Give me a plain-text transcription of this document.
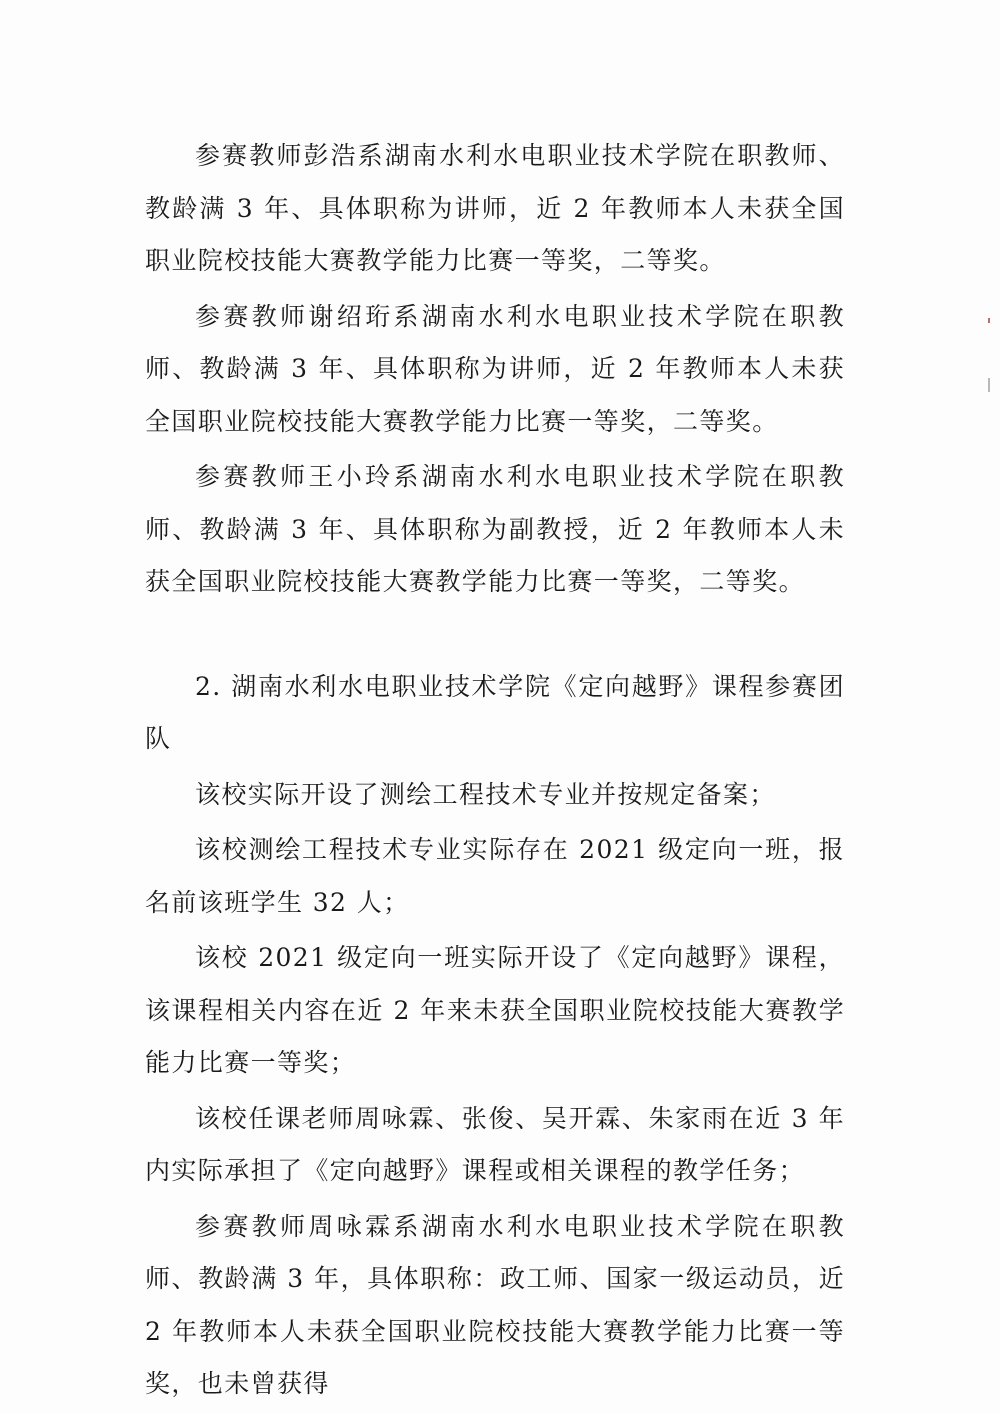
参赛教师彭浩系湖南水利水电职业技术学院在职教师、教龄满 3 年、具体职称为讲师，近 2 年教师本人未获全国职业院校技能大赛教学能力比赛一等奖，二等奖。

参赛教师谢绍珩系湖南水利水电职业技术学院在职教师、教龄满 3 年、具体职称为讲师，近 2 年教师本人未获全国职业院校技能大赛教学能力比赛一等奖，二等奖。

参赛教师王小玲系湖南水利水电职业技术学院在职教师、教龄满 3 年、具体职称为副教授，近 2 年教师本人未获全国职业院校技能大赛教学能力比赛一等奖，二等奖。

2. 湖南水利水电职业技术学院《定向越野》课程参赛团队

该校实际开设了测绘工程技术专业并按规定备案；

该校测绘工程技术专业实际存在 2021 级定向一班，报名前该班学生 32 人；

该校 2021 级定向一班实际开设了《定向越野》课程，该课程相关内容在近 2 年来未获全国职业院校技能大赛教学能力比赛一等奖；

该校任课老师周咏霖、张俊、吴开霖、朱家雨在近 3 年内实际承担了《定向越野》课程或相关课程的教学任务；

参赛教师周咏霖系湖南水利水电职业技术学院在职教师、教龄满 3 年，具体职称：政工师、国家一级运动员，近 2 年教师本人未获全国职业院校技能大赛教学能力比赛一等奖，也未曾获得
